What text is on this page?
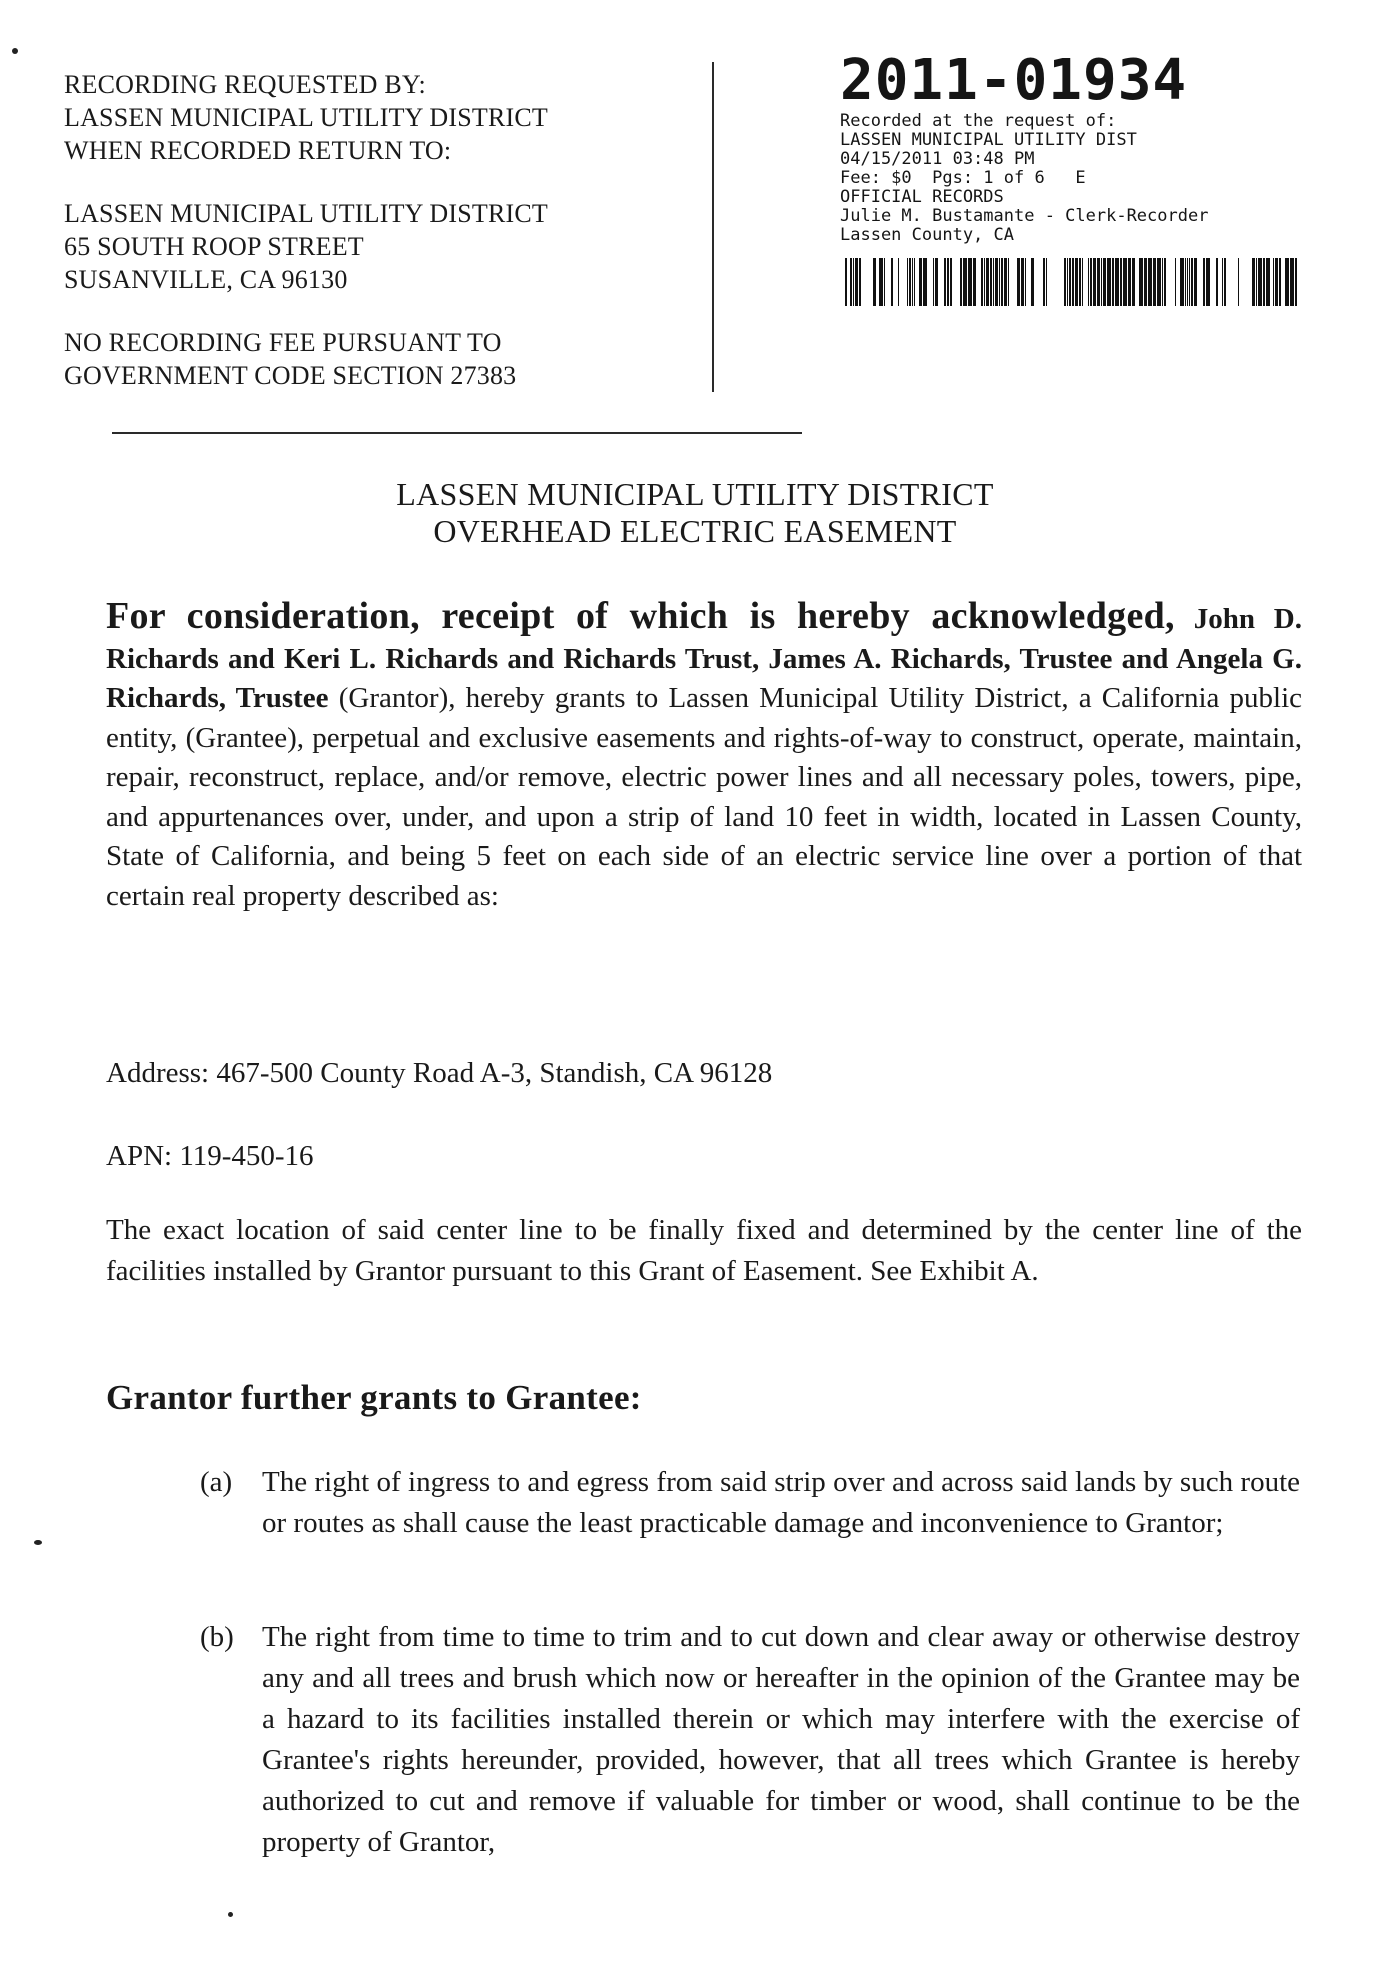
RECORDING REQUESTED BY:
LASSEN MUNICIPAL UTILITY DISTRICT
WHEN RECORDED RETURN TO:
LASSEN MUNICIPAL UTILITY DISTRICT
65 SOUTH ROOP STREET
SUSANVILLE, CA 96130
NO RECORDING FEE PURSUANT TO
GOVERNMENT CODE SECTION 27383
2011-01934
Recorded at the request of:
LASSEN MUNICIPAL UTILITY DIST
04/15/2011 03:48 PM
Fee: $0  Pgs: 1 of 6   E
OFFICIAL RECORDS
Julie M. Bustamante - Clerk-Recorder
Lassen County, CA
LASSEN MUNICIPAL UTILITY DISTRICT
OVERHEAD ELECTRIC EASEMENT
For consideration, receipt of which is hereby acknowledged, John D. Richards and Keri L. Richards and Richards Trust, James A. Richards, Trustee and Angela G. Richards, Trustee (Grantor), hereby grants to Lassen Municipal Utility District, a California public entity, (Grantee), perpetual and exclusive easements and rights-of-way to construct, operate, maintain, repair, reconstruct, replace, and/or remove, electric power lines and all necessary poles, towers, pipe, and appurtenances over, under, and upon a strip of land 10 feet in width, located in Lassen County, State of California, and being 5 feet on each side of an electric service line over a portion of that certain real property described as:
Address: 467-500 County Road A-3, Standish, CA 96128
APN: 119-450-16
The exact location of said center line to be finally fixed and determined by the center line of the facilities installed by Grantor pursuant to this Grant of Easement. See Exhibit A.
Grantor further grants to Grantee:
(a)	The right of ingress to and egress from said strip over and across said lands by such route or routes as shall cause the least practicable damage and inconvenience to Grantor;
(b) The right from time to time to trim and to cut down and clear away or otherwise destroy any and all trees and brush which now or hereafter in the opinion of the Grantee may be a hazard to its facilities installed therein or which may interfere with the exercise of Grantee's rights hereunder, provided, however, that all trees which Grantee is hereby authorized to cut and remove if valuable for timber or wood, shall continue to be the property of Grantor,
